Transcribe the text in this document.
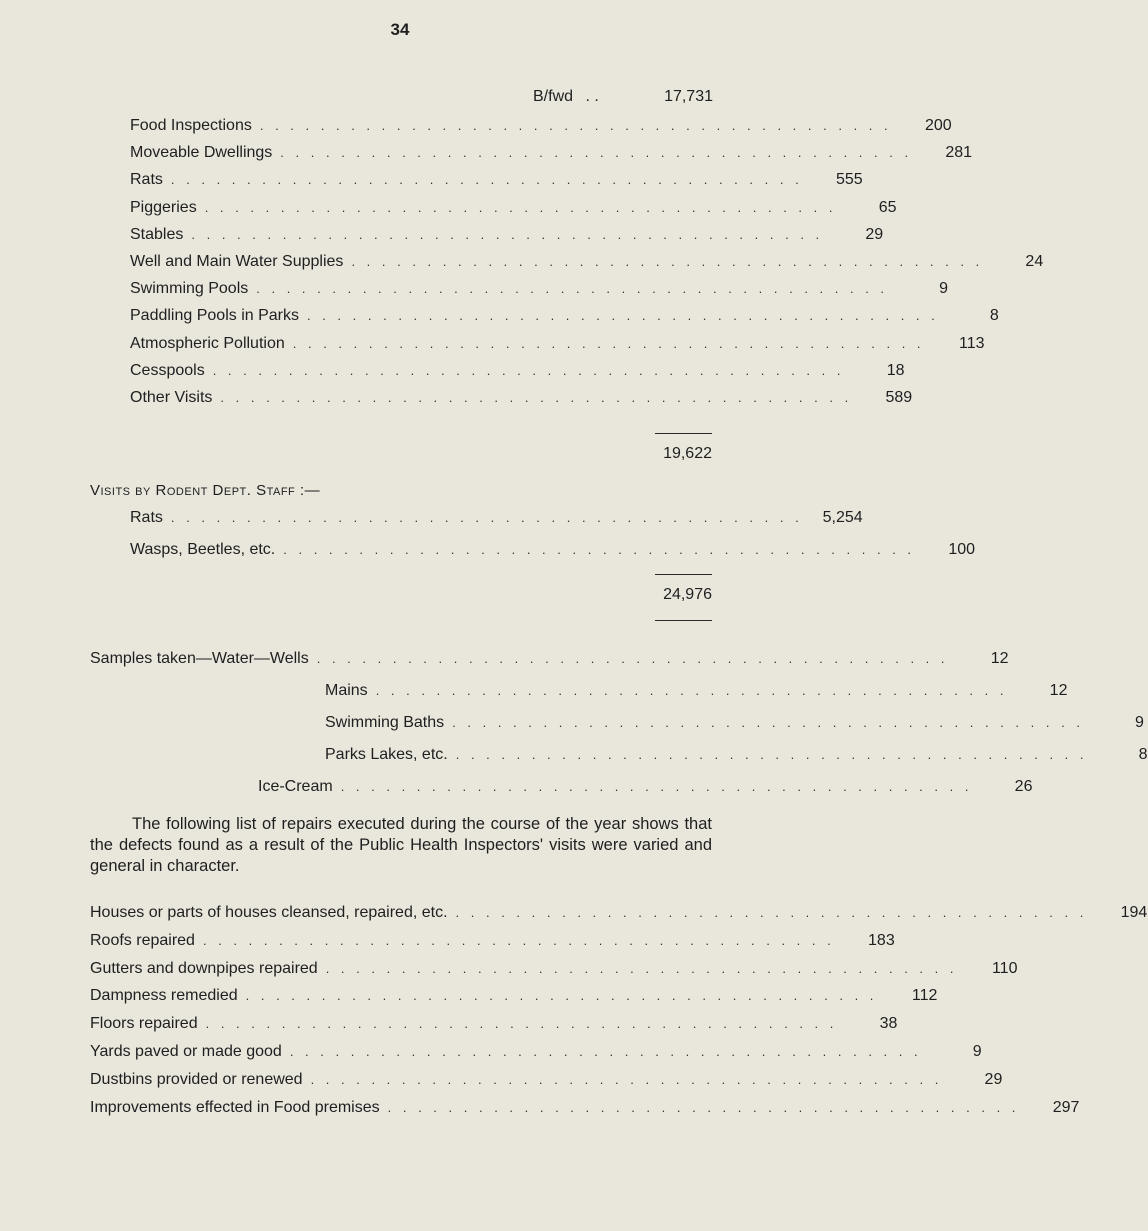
34
B/fwd . .	17,731
Food Inspections . . . . . . . . . . . . . . . . . . . . . . . . . . . . . . . . . . . . . . . . . .	200
Moveable Dwellings . . . . . . . . . . . . . . . . . . . . . . . . . . . . . . . . . . . . . . . . . .	281
Rats . . . . . . . . . . . . . . . . . . . . . . . . . . . . . . . . . . . . . . . . . .	555
Piggeries . . . . . . . . . . . . . . . . . . . . . . . . . . . . . . . . . . . . . . . . . .	65
Stables . . . . . . . . . . . . . . . . . . . . . . . . . . . . . . . . . . . . . . . . . .	29
Well and Main Water Supplies . . . . . . . . . . . . . . . . . . . . . . . . . . . . . . . . . . . . . . . . . .	24
Swimming Pools . . . . . . . . . . . . . . . . . . . . . . . . . . . . . . . . . . . . . . . . . .	9
Paddling Pools in Parks . . . . . . . . . . . . . . . . . . . . . . . . . . . . . . . . . . . . . . . . . .	8
Atmospheric Pollution . . . . . . . . . . . . . . . . . . . . . . . . . . . . . . . . . . . . . . . . . .	113
Cesspools . . . . . . . . . . . . . . . . . . . . . . . . . . . . . . . . . . . . . . . . . .	18
Other Visits . . . . . . . . . . . . . . . . . . . . . . . . . . . . . . . . . . . . . . . . . .	589
19,622
Visits by Rodent Dept. Staff :—
Rats . . . . . . . . . . . . . . . . . . . . . . . . . . . . . . . . . . . . . . . . . .	5,254
Wasps, Beetles, etc. . . . . . . . . . . . . . . . . . . . . . . . . . . . . . . . . . . . . . . . . . .	100
24,976
Samples taken—Water—Wells . . . . . . . . . . . . . . . . . . . . . . . . . . . . . . . . . . . . . . . . . .	12
Mains . . . . . . . . . . . . . . . . . . . . . . . . . . . . . . . . . . . . . . . . . .	12
Swimming Baths . . . . . . . . . . . . . . . . . . . . . . . . . . . . . . . . . . . . . . . . . .	9
Parks Lakes, etc. . . . . . . . . . . . . . . . . . . . . . . . . . . . . . . . . . . . . . . . . . .	8
Ice-Cream . . . . . . . . . . . . . . . . . . . . . . . . . . . . . . . . . . . . . . . . . .	26
The following list of repairs executed during the course of the year shows that the defects found as a result of the Public Health Inspectors' visits were varied and general in character.
Houses or parts of houses cleansed, repaired, etc. . . . . . . . . . . . . . . . . . . . . . . . . . . . . . . . . . . . . . . . . . .	194
Roofs repaired . . . . . . . . . . . . . . . . . . . . . . . . . . . . . . . . . . . . . . . . . .	183
Gutters and downpipes repaired . . . . . . . . . . . . . . . . . . . . . . . . . . . . . . . . . . . . . . . . . .	110
Dampness remedied . . . . . . . . . . . . . . . . . . . . . . . . . . . . . . . . . . . . . . . . . .	112
Floors repaired . . . . . . . . . . . . . . . . . . . . . . . . . . . . . . . . . . . . . . . . . .	38
Yards paved or made good . . . . . . . . . . . . . . . . . . . . . . . . . . . . . . . . . . . . . . . . . .	9
Dustbins provided or renewed . . . . . . . . . . . . . . . . . . . . . . . . . . . . . . . . . . . . . . . . . .	29
Improvements effected in Food premises . . . . . . . . . . . . . . . . . . . . . . . . . . . . . . . . . . . . . . . . . .	297
